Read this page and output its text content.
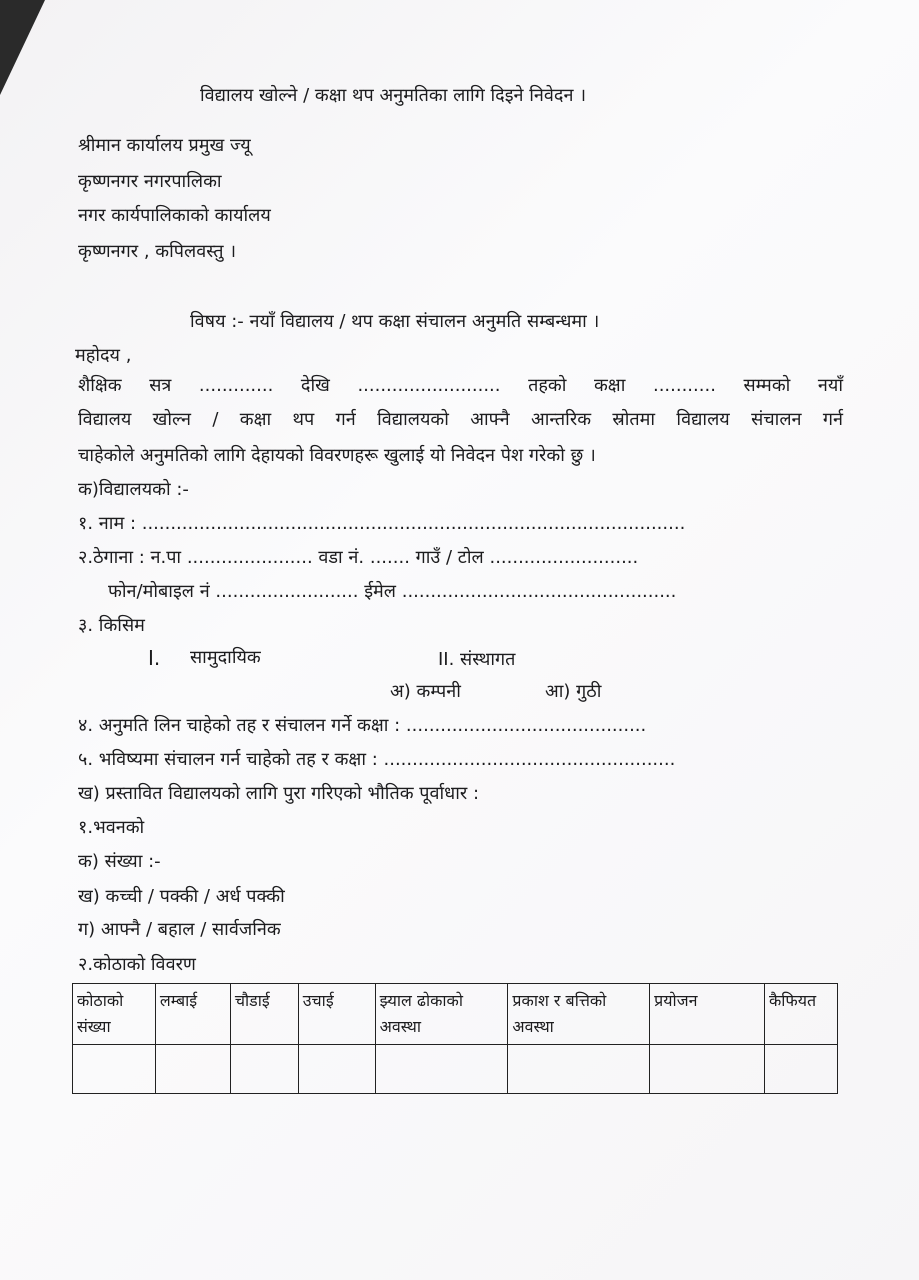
विद्यालय खोल्ने / कक्षा थप अनुमतिका लागि दिइने निवेदन ।
श्रीमान कार्यालय प्रमुख ज्यू
कृष्णनगर नगरपालिका
नगर कार्यपालिकाको कार्यालय
कृष्णनगर , कपिलवस्तु ।
विषय :- नयाँ विद्यालय / थप कक्षा संचालन अनुमति सम्बन्धमा ।
महोदय ,
शैक्षिक सत्र ............. देखि ......................... तहको कक्षा ........... सम्मको नयाँ
विद्यालय खोल्न / कक्षा थप गर्न विद्यालयको आफ्नै आन्तरिक स्रोतमा विद्यालय संचालन गर्न
चाहेकोले अनुमतिको लागि देहायको विवरणहरू खुलाई यो निवेदन पेश गरेको छु ।
क)विद्यालयको :-
१. नाम : ...............................................................................................
२.ठेगाना : न.पा ...................... वडा नं. ....... गाउँ / टोल ..........................
फोन/मोबाइल नं ......................... ईमेल ................................................
३. किसिम
I. सामुदायिक	II. संस्थागत
अ) कम्पनी	आ) गुठी
४. अनुमति लिन चाहेको तह र संचालन गर्ने कक्षा : ..........................................
५. भविष्यमा संचालन गर्न चाहेको तह र कक्षा : ...................................................
ख) प्रस्तावित विद्यालयको लागि पुरा गरिएको भौतिक पूर्वाधार :
१.भवनको
क) संख्या :-
ख) कच्ची / पक्की / अर्ध पक्की
ग) आफ्नै / बहाल / सार्वजनिक
२.कोठाको विवरण
कोठाको संख्या	लम्बाई	चौडाई	उचाई	झ्याल ढोकाको अवस्था	प्रकाश र बत्तिको अवस्था	प्रयोजन	कैफियत
